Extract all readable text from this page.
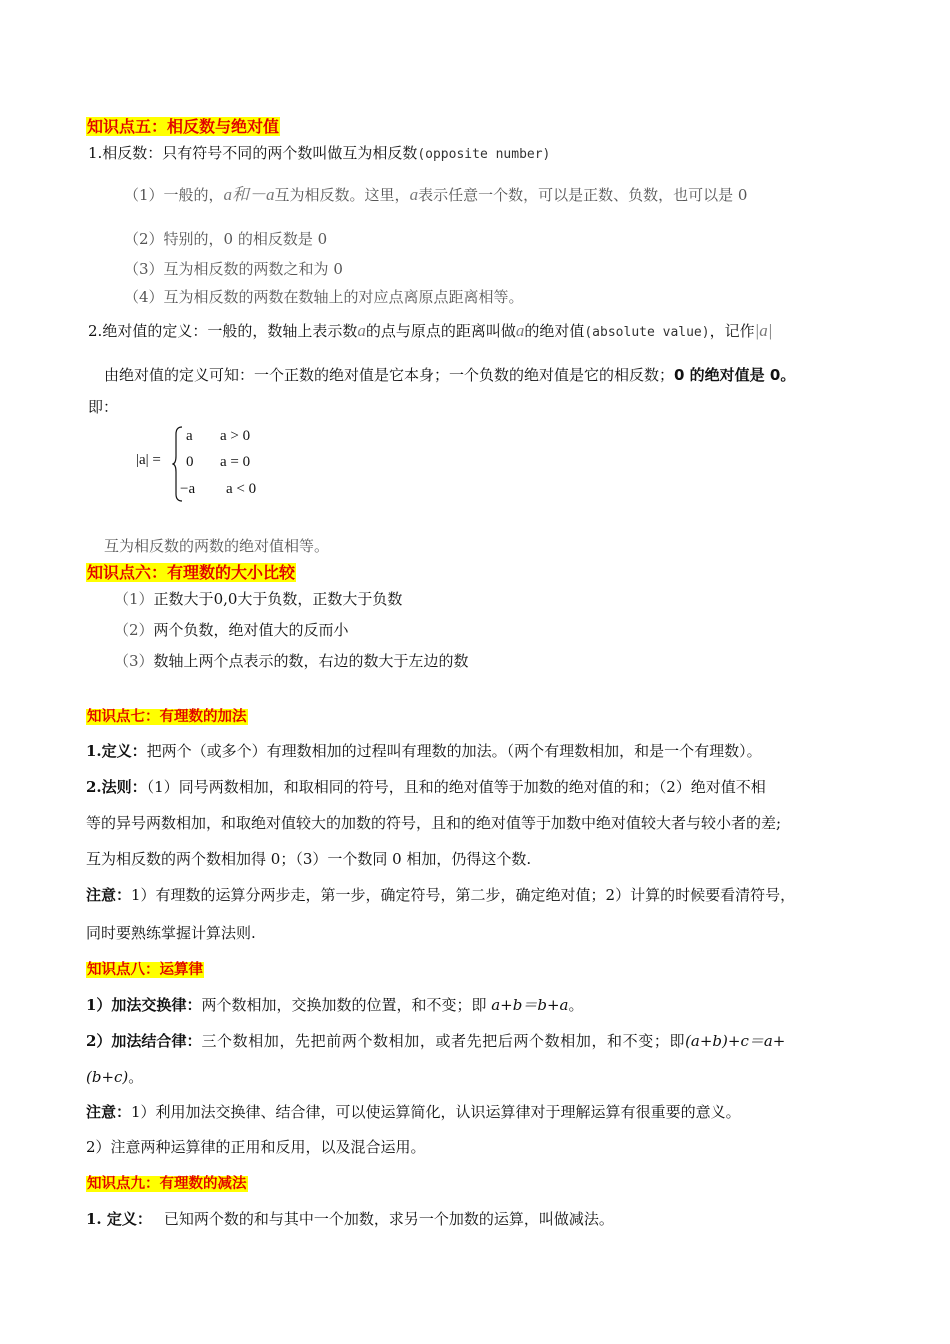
知识点五：相反数与绝对值
1.相反数：只有符号不同的两个数叫做互为相反数(opposite number)
（1）一般的，a和－a互为相反数。这里，a表示任意一个数，可以是正数、负数，也可以是 0
（2）特别的，0 的相反数是 0
（3）互为相反数的两数之和为 0
（4）互为相反数的两数在数轴上的对应点离原点距离相等。
2.绝对值的定义：一般的，数轴上表示数a的点与原点的距离叫做a的绝对值(absolute value)，记作|a|
由绝对值的定义可知：一个正数的绝对值是它本身；一个负数的绝对值是它的相反数；0 的绝对值是 0。
即：
|a| =
a a > 0
0 a = 0
−a a < 0
互为相反数的两数的绝对值相等。
知识点六：有理数的大小比较
（1）正数大于0,0大于负数，正数大于负数
（2）两个负数，绝对值大的反而小
（3）数轴上两个点表示的数，右边的数大于左边的数
知识点七：有理数的加法
1.定义：把两个（或多个）有理数相加的过程叫有理数的加法。（两个有理数相加，和是一个有理数）。
2.法则：（1）同号两数相加，和取相同的符号，且和的绝对值等于加数的绝对值的和；（2）绝对值不相
等的异号两数相加，和取绝对值较大的加数的符号，且和的绝对值等于加数中绝对值较大者与较小者的差;
互为相反数的两个数相加得 0；（3）一个数同 0 相加，仍得这个数.
注意：1）有理数的运算分两步走，第一步，确定符号，第二步，确定绝对值；2）计算的时候要看清符号，
同时要熟练掌握计算法则.
知识点八：运算律
1）加法交换律：两个数相加，交换加数的位置，和不变；即 a+b＝b+a。
2）加法结合律：三个数相加，先把前两个数相加，或者先把后两个数相加，和不变；即(a+b)+c＝a+
(b+c)。
注意：1）利用加法交换律、结合律，可以使运算简化，认识运算律对于理解运算有很重要的意义。
2）注意两种运算律的正用和反用，以及混合运用。
知识点九：有理数的减法
1. 定义： 已知两个数的和与其中一个加数，求另一个加数的运算，叫做减法。
